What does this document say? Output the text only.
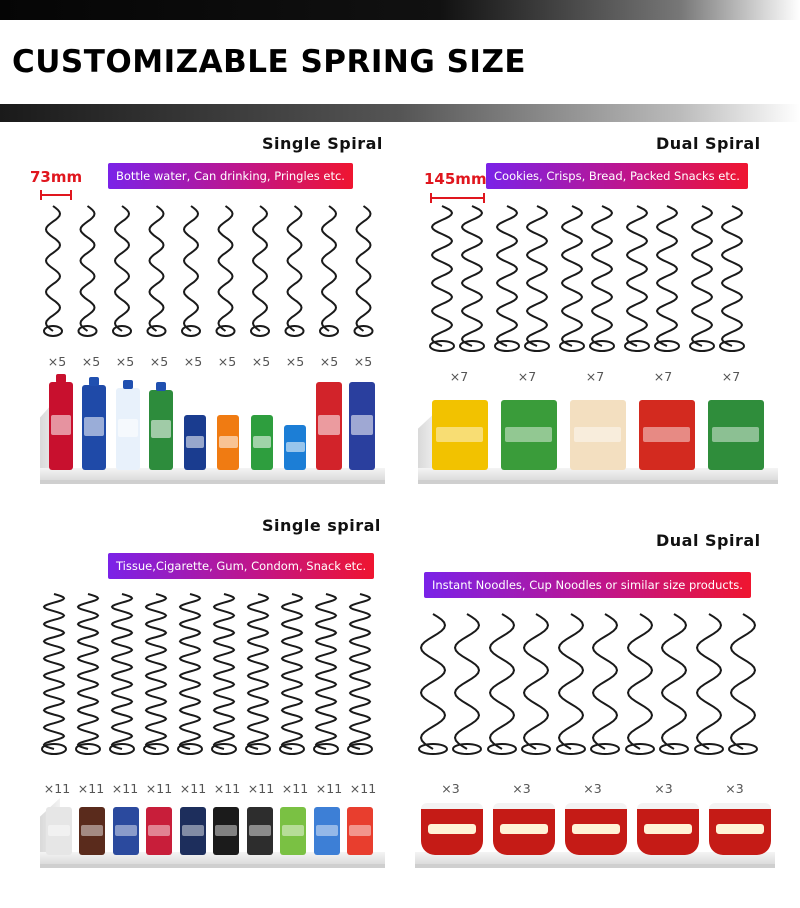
CUSTOMIZABLE SPRING SIZE
Single Spiral
Bottle water, Can drinking, Pringles etc.
73mm
×5	×5	×5	×5	×5	×5	×5	×5	×5	×5
Dual Spiral
Cookies, Crisps, Bread, Packed Snacks etc.
145mm
×7	×7	×7	×7	×7
Single spiral
Tissue,Cigarette, Gum, Condom, Snack etc.
×11 ×11 ×11 ×11 ×11 ×11 ×11 ×11 ×11 ×11
Dual Spiral
Instant Noodles, Cup Noodles or similar size products.
×3	×3	×3	×3	×3
